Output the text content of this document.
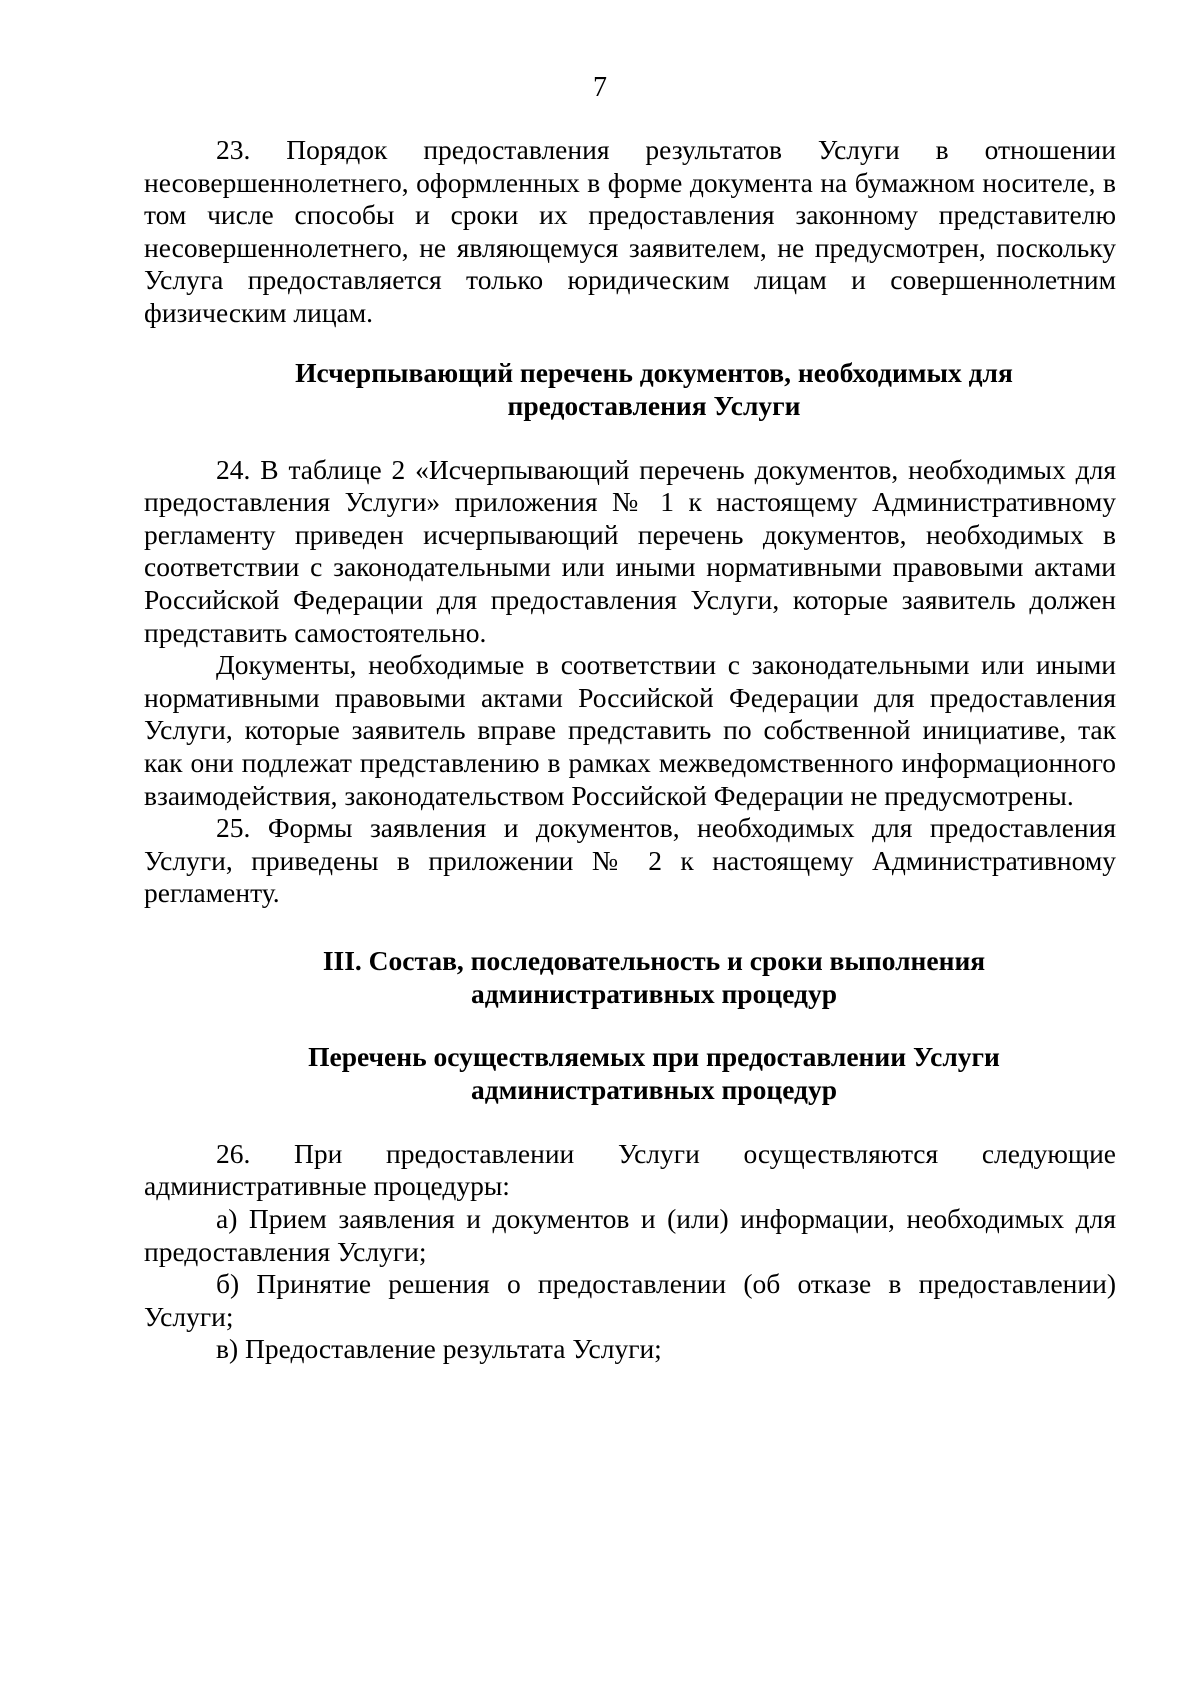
7

23. Порядок предоставления результатов Услуги в отношении несовершеннолетнего, оформленных в форме документа на бумажном носителе, в том числе способы и сроки их предоставления законному представителю несовершеннолетнего, не являющемуся заявителем, не предусмотрен, поскольку Услуга предоставляется только юридическим лицам и совершеннолетним физическим лицам.

Исчерпывающий перечень документов, необходимых для
предоставления Услуги

24. В таблице 2 «Исчерпывающий перечень документов, необходимых для предоставления Услуги» приложения № 1 к настоящему Административному регламенту приведен исчерпывающий перечень документов, необходимых в соответствии с законодательными или иными нормативными правовыми актами Российской Федерации для предоставления Услуги, которые заявитель должен представить самостоятельно.

Документы, необходимые в соответствии с законодательными или иными нормативными правовыми актами Российской Федерации для предоставления Услуги, которые заявитель вправе представить по собственной инициативе, так как они подлежат представлению в рамках межведомственного информационного взаимодействия, законодательством Российской Федерации не предусмотрены.

25. Формы заявления и документов, необходимых для предоставления Услуги, приведены в приложении № 2 к настоящему Административному регламенту.

III. Состав, последовательность и сроки выполнения
административных процедур
Перечень осуществляемых при предоставлении Услуги
административных процедур

26. При предоставлении Услуги осуществляются следующие административные процедуры:

а) Прием заявления и документов и (или) информации, необходимых для предоставления Услуги;

б) Принятие решения о предоставлении (об отказе в предоставлении) Услуги;

в) Предоставление результата Услуги;
